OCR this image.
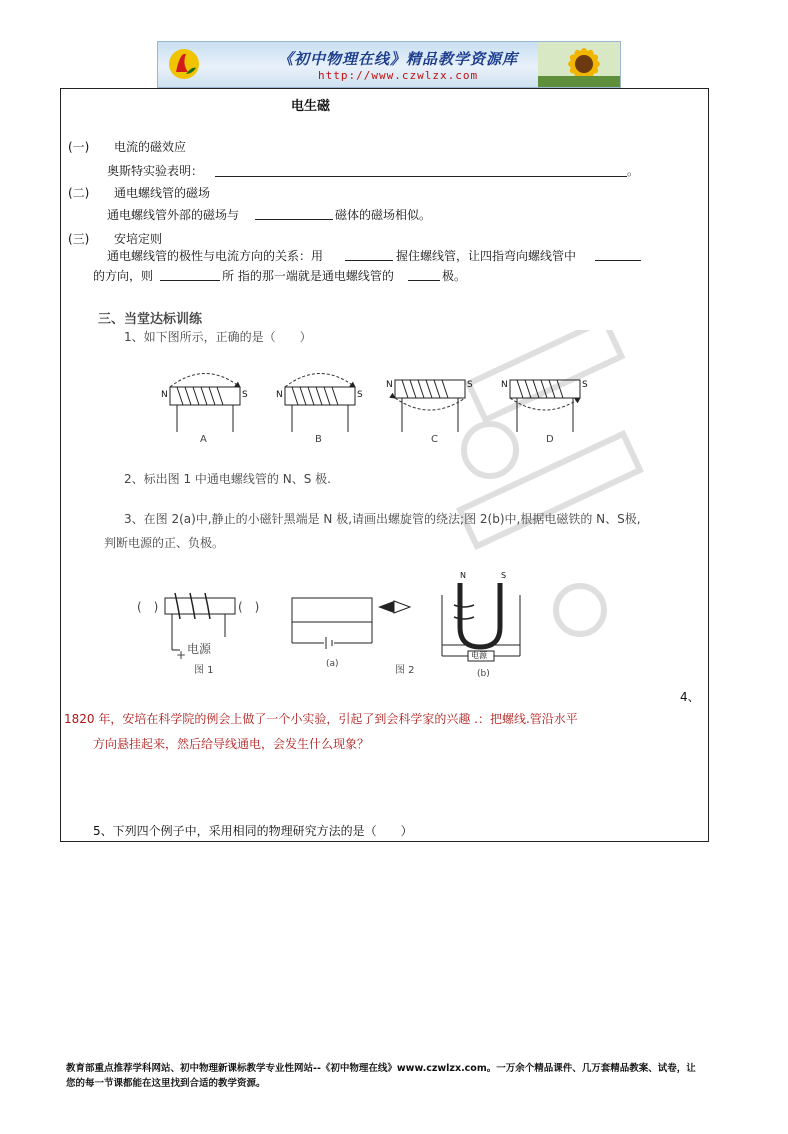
《初中物理在线》精品教学资源库
http://www.czwlzx.com
电生磁
(一) 电流的磁效应
奥斯特实验表明：	。
(二) 通电螺线管的磁场
通电螺线管外部的磁场与	磁体的磁场相似。
(三) 安培定则
通电螺线管的极性与电流方向的关系：用	握住螺线管，让四指弯向螺线管中
的方向，则	所 指的那一端就是通电螺线管的	极。
三、当堂达标训练
1、如下图所示，正确的是（　　）
N	S	N	S
N	S	N	S
A	B	C	D
2、标出图 1 中通电螺线管的 N、S 极.
3、在图 2(a)中,静止的小磁针黑端是 N 极,请画出螺旋管的绕法;图 2(b)中,根据电磁铁的 N、S极,
判断电源的正、负极。
(　)	(　)
+ 电源
图 1
(a)
图 2
N	S
电源
(b)
4、
1820 年，安培在科学院的例会上做了一个小实验，引起了到会科学家的兴趣 .：把螺线.管沿水平
方向悬挂起来，然后给导线通电，会发生什么现象？
5、下列四个例子中，采用相同的物理研究方法的是（　　）
教育部重点推荐学科网站、初中物理新课标教学专业性网站--《初中物理在线》www.czwlzx.com。一万余个精品课件、几万套精品教案、试卷，让
您的每一节课都能在这里找到合适的教学资源。
